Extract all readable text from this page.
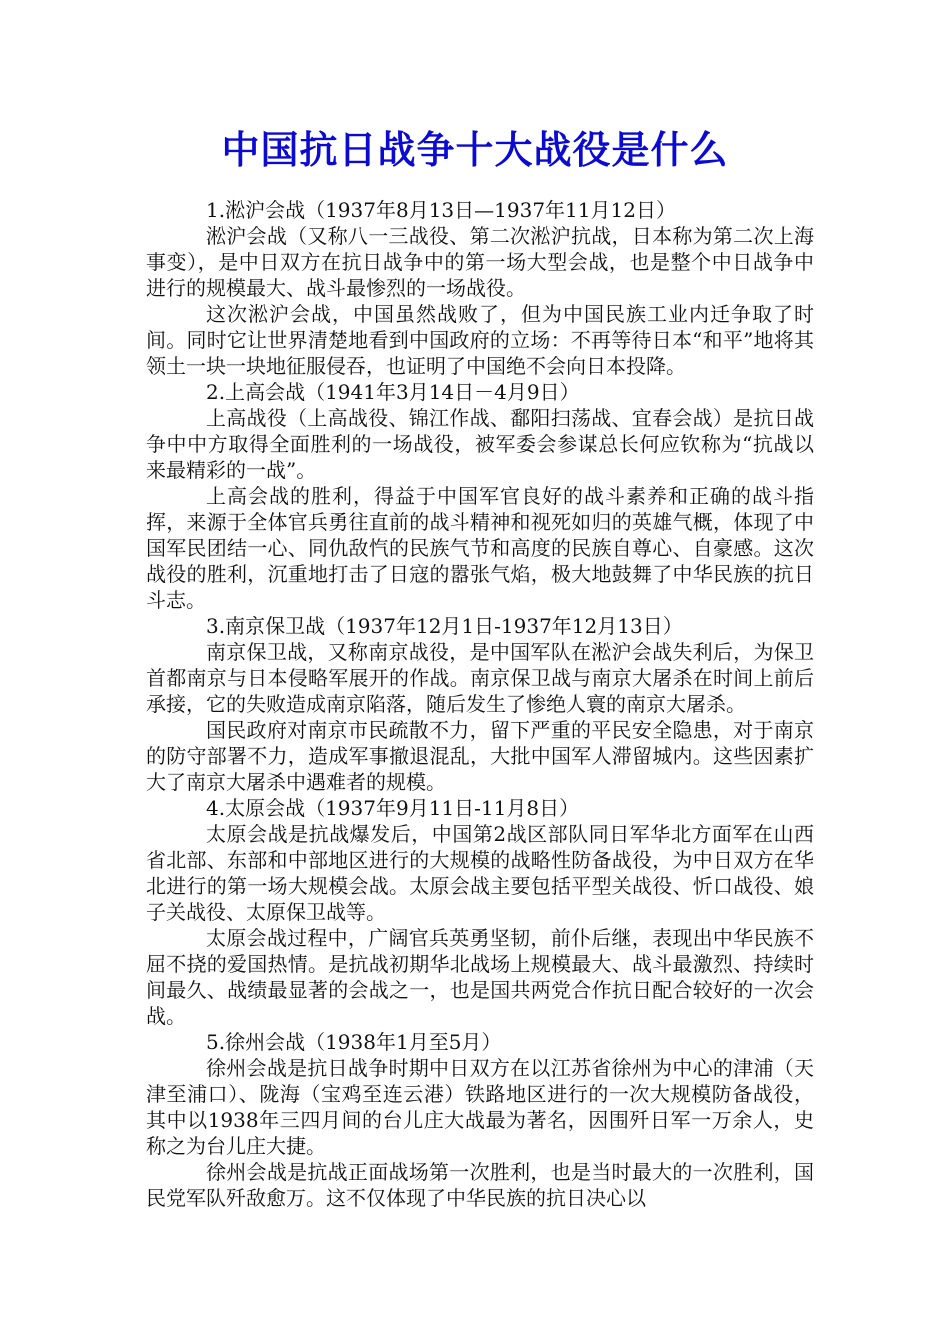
中国抗日战争十大战役是什么

1.淞沪会战（1937年8月13日—1937年11月12日）

淞沪会战（又称八一三战役、第二次淞沪抗战，日本称为第二次上海事变），是中日双方在抗日战争中的第一场大型会战，也是整个中日战争中进行的规模最大、战斗最惨烈的一场战役。

这次淞沪会战，中国虽然战败了，但为中国民族工业内迁争取了时间。同时它让世界清楚地看到中国政府的立场：不再等待日本“和平”地将其领土一块一块地征服侵吞，也证明了中国绝不会向日本投降。

2.上高会战（1941年3月14日－4月9日）

上高战役（上高战役、锦江作战、鄱阳扫荡战、宜春会战）是抗日战争中中方取得全面胜利的一场战役，被军委会参谋总长何应钦称为“抗战以来最精彩的一战”。

上高会战的胜利，得益于中国军官良好的战斗素养和正确的战斗指挥，来源于全体官兵勇往直前的战斗精神和视死如归的英雄气概，体现了中国军民团结一心、同仇敌忾的民族气节和高度的民族自尊心、自豪感。这次战役的胜利，沉重地打击了日寇的嚣张气焰，极大地鼓舞了中华民族的抗日斗志。

3.南京保卫战（1937年12月1日-1937年12月13日）

南京保卫战，又称南京战役，是中国军队在淞沪会战失利后，为保卫首都南京与日本侵略军展开的作战。南京保卫战与南京大屠杀在时间上前后承接，它的失败造成南京陷落，随后发生了惨绝人寰的南京大屠杀。

国民政府对南京市民疏散不力，留下严重的平民安全隐患，对于南京的防守部署不力，造成军事撤退混乱，大批中国军人滞留城内。这些因素扩大了南京大屠杀中遇难者的规模。

4.太原会战（1937年9月11日-11月8日）

太原会战是抗战爆发后，中国第2战区部队同日军华北方面军在山西省北部、东部和中部地区进行的大规模的战略性防备战役，为中日双方在华北进行的第一场大规模会战。太原会战主要包括平型关战役、忻口战役、娘子关战役、太原保卫战等。

太原会战过程中，广阔官兵英勇坚韧，前仆后继，表现出中华民族不屈不挠的爱国热情。是抗战初期华北战场上规模最大、战斗最激烈、持续时间最久、战绩最显著的会战之一，也是国共两党合作抗日配合较好的一次会战。

5.徐州会战（1938年1月至5月）

徐州会战是抗日战争时期中日双方在以江苏省徐州为中心的津浦（天津至浦口）、陇海（宝鸡至连云港）铁路地区进行的一次大规模防备战役，其中以1938年三四月间的台儿庄大战最为著名，因围歼日军一万余人，史称之为台儿庄大捷。

徐州会战是抗战正面战场第一次胜利，也是当时最大的一次胜利，国民党军队歼敌愈万。这不仅体现了中华民族的抗日决心以
